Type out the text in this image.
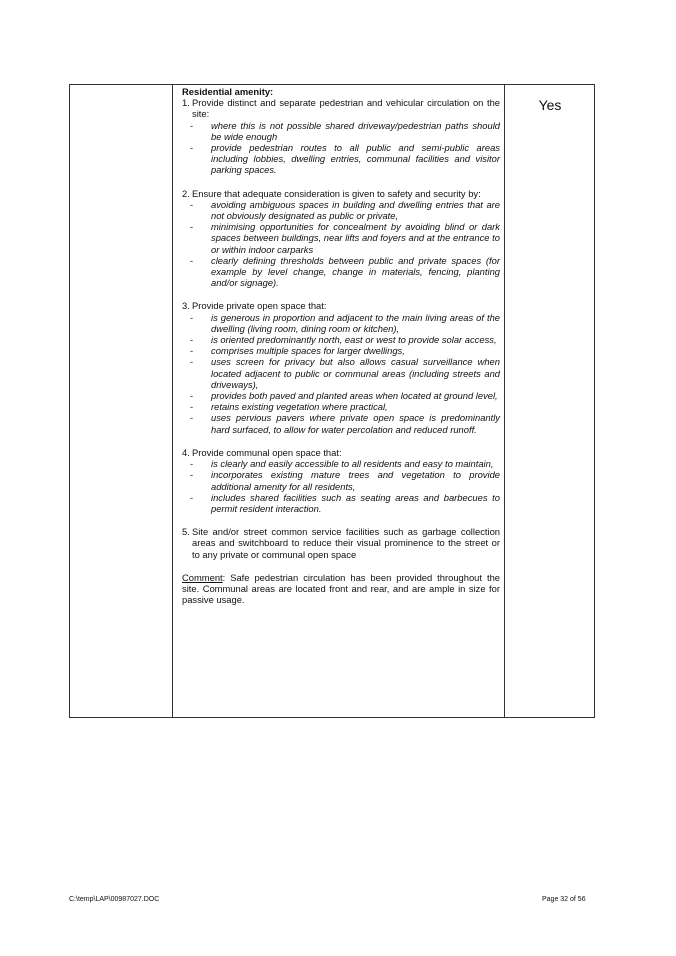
Residential amenity:
1. Provide distinct and separate pedestrian and vehicular circulation on the site:
-	where this is not possible shared driveway/pedestrian paths should be wide enough
-	provide pedestrian routes to all public and semi-public areas including lobbies, dwelling entries, communal facilities and visitor parking spaces.
2. Ensure that adequate consideration is given to safety and security by:
-	avoiding ambiguous spaces in building and dwelling entries that are not obviously designated as public or private,
-	minimising opportunities for concealment by avoiding blind or dark spaces between buildings, near lifts and foyers and at the entrance to or within indoor carparks
-	clearly defining thresholds between public and private spaces (for example by level change, change in materials, fencing, planting and/or signage).
3. Provide private open space that:
-	is generous in proportion and adjacent to the main living areas of the dwelling (living room, dining room or kitchen),
-	is oriented predominantly north, east or west to provide solar access,
-	comprises multiple spaces for larger dwellings,
-	uses screen for privacy but also allows casual surveillance when located adjacent to public or communal areas (including streets and driveways),
-	provides both paved and planted areas when located at ground level,
-	retains existing vegetation where practical,
-	uses pervious pavers where private open space is predominantly hard surfaced, to allow for water percolation and reduced runoff.
4. Provide communal open space that:
-	is clearly and easily accessible to all residents and easy to maintain,
-	incorporates existing mature trees and vegetation to provide additional amenity for all residents,
-	includes shared facilities such as seating areas and barbecues to permit resident interaction.
5. Site and/or street common service facilities such as garbage collection areas and switchboard to reduce their visual prominence to the street or to any private or communal open space
Comment: Safe pedestrian circulation has been provided throughout the site. Communal areas are located front and rear, and are ample in size for passive usage.
Yes
C:\temp\LAP\00987027.DOC	Page 32 of 56
